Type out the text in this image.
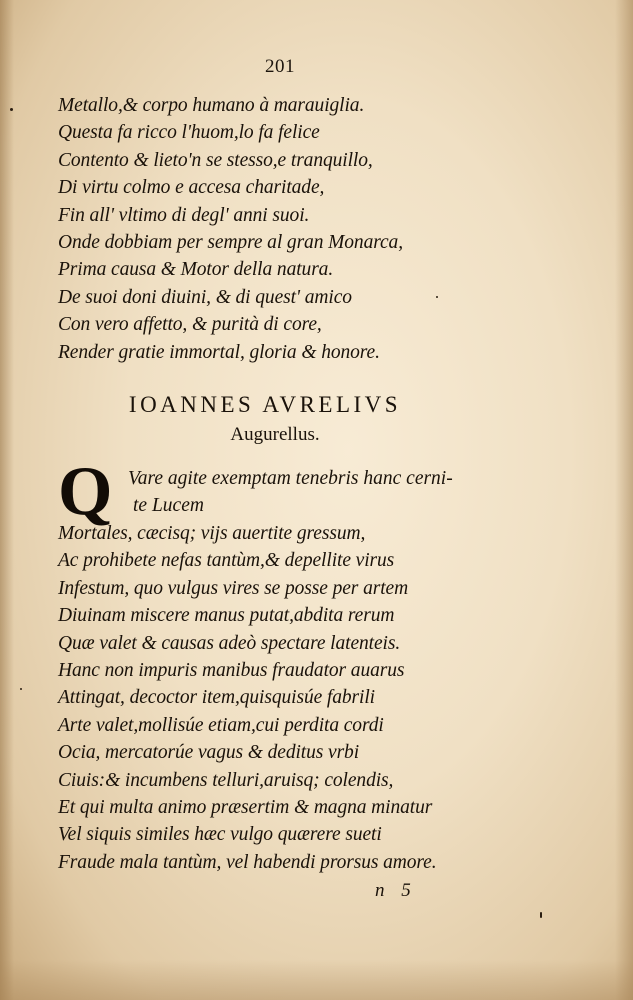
201
Metallo,& corpo humano à marauiglia.
Questa fa ricco l'huom,lo fa felice
Contento & lieto'n se stesso,e tranquillo,
Di virtu colmo e accesa charitade,
Fin all' vltimo di degl' anni suoi.
Onde dobbiam per sempre al gran Monarca,
Prima causa & Motor della natura.
De suoi doni diuini, & di quest' amico
Con vero affetto, & purità di core,
Render gratie immortal, gloria & honore.
IOANNES AVRELIVS
Augurellus.
Q Vare agite exemptam tenebris hanc cerni-
te Lucem
Mortales, cæcisq; vijs auertite gressum,
Ac prohibete nefas tantùm,& depellite virus
Infestum, quo vulgus vires se posse per artem
Diuinam miscere manus putat,abdita rerum
Quæ valet & causas adeò spectare latenteis.
Hanc non impuris manibus fraudator auarus
Attingat, decoctor item,quisquisúe fabrili
Arte valet,mollisúe etiam,cui perdita cordi
Ocia, mercatorúe vagus & deditus vrbi
Ciuis:& incumbens telluri,aruisq; colendis,
Et qui multa animo præsertim & magna minatur
Vel siquis similes hæc vulgo quærere sueti
Fraude mala tantùm, vel habendi prorsus amore.
n 5
